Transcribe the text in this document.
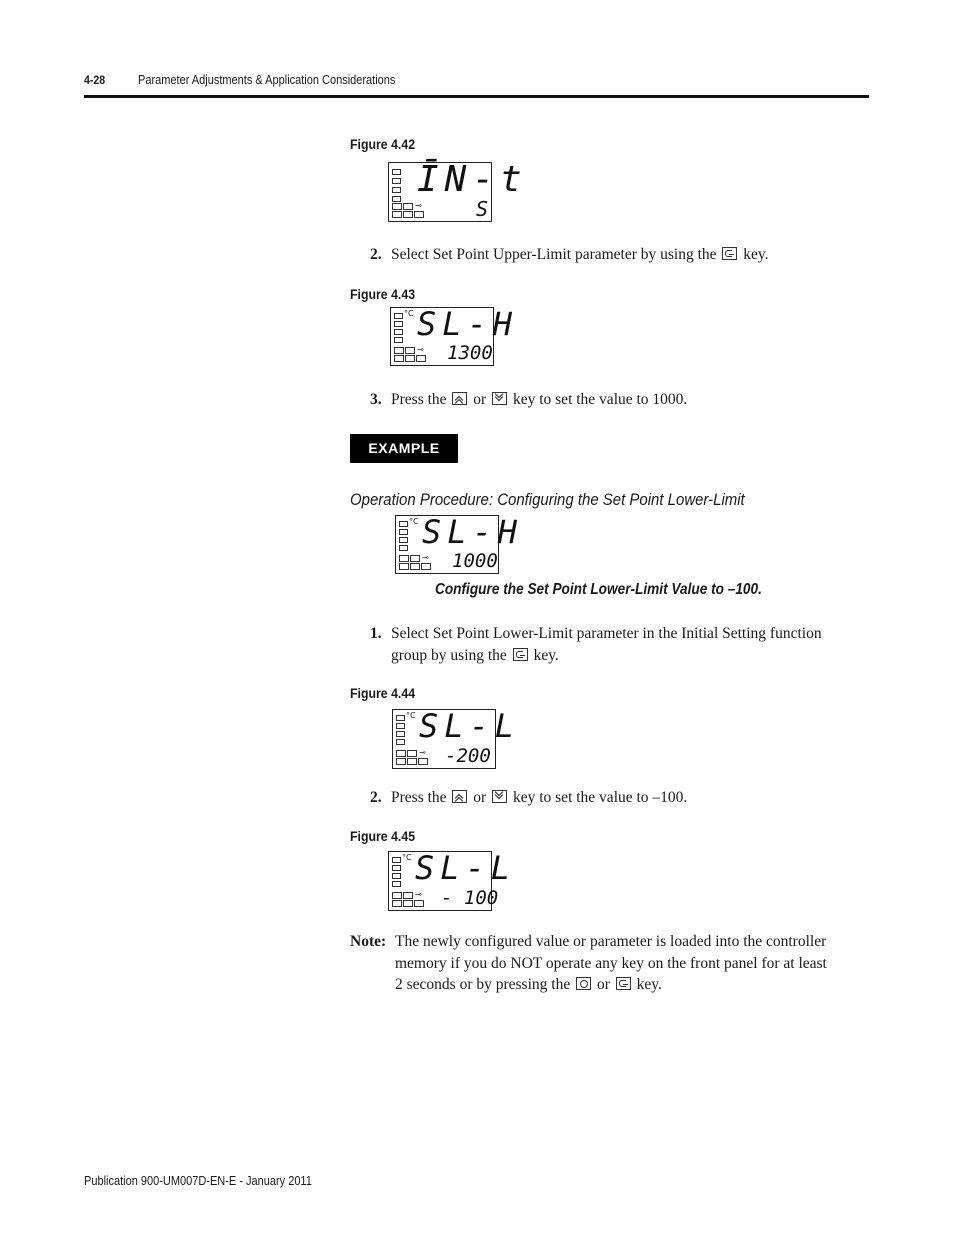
4-28	Parameter Adjustments & Application Considerations
Figure 4.42
⊸
ĪN-t
S
2. Select Set Point Upper-Limit parameter by using the key.
Figure 4.43
°C
⊸
SL-H
1300
3. Press the or key to set the value to 1000.
EXAMPLE
Operation Procedure: Configuring the Set Point Lower-Limit
°C
⊸
SL-H
1000
Configure the Set Point Lower-Limit Value to –100.
1. Select Set Point Lower-Limit parameter in the Initial Setting function
group by using the key.
Figure 4.44
°C
⊸
SL-L
-200
2. Press the or key to set the value to –100.
Figure 4.45
°C
⊸
SL-L
- 100
Note: The newly configured value or parameter is loaded into the controller
memory if you do NOT operate any key on the front panel for at least
2 seconds or by pressing the or key.
Publication 900-UM007D-EN-E - January 2011
